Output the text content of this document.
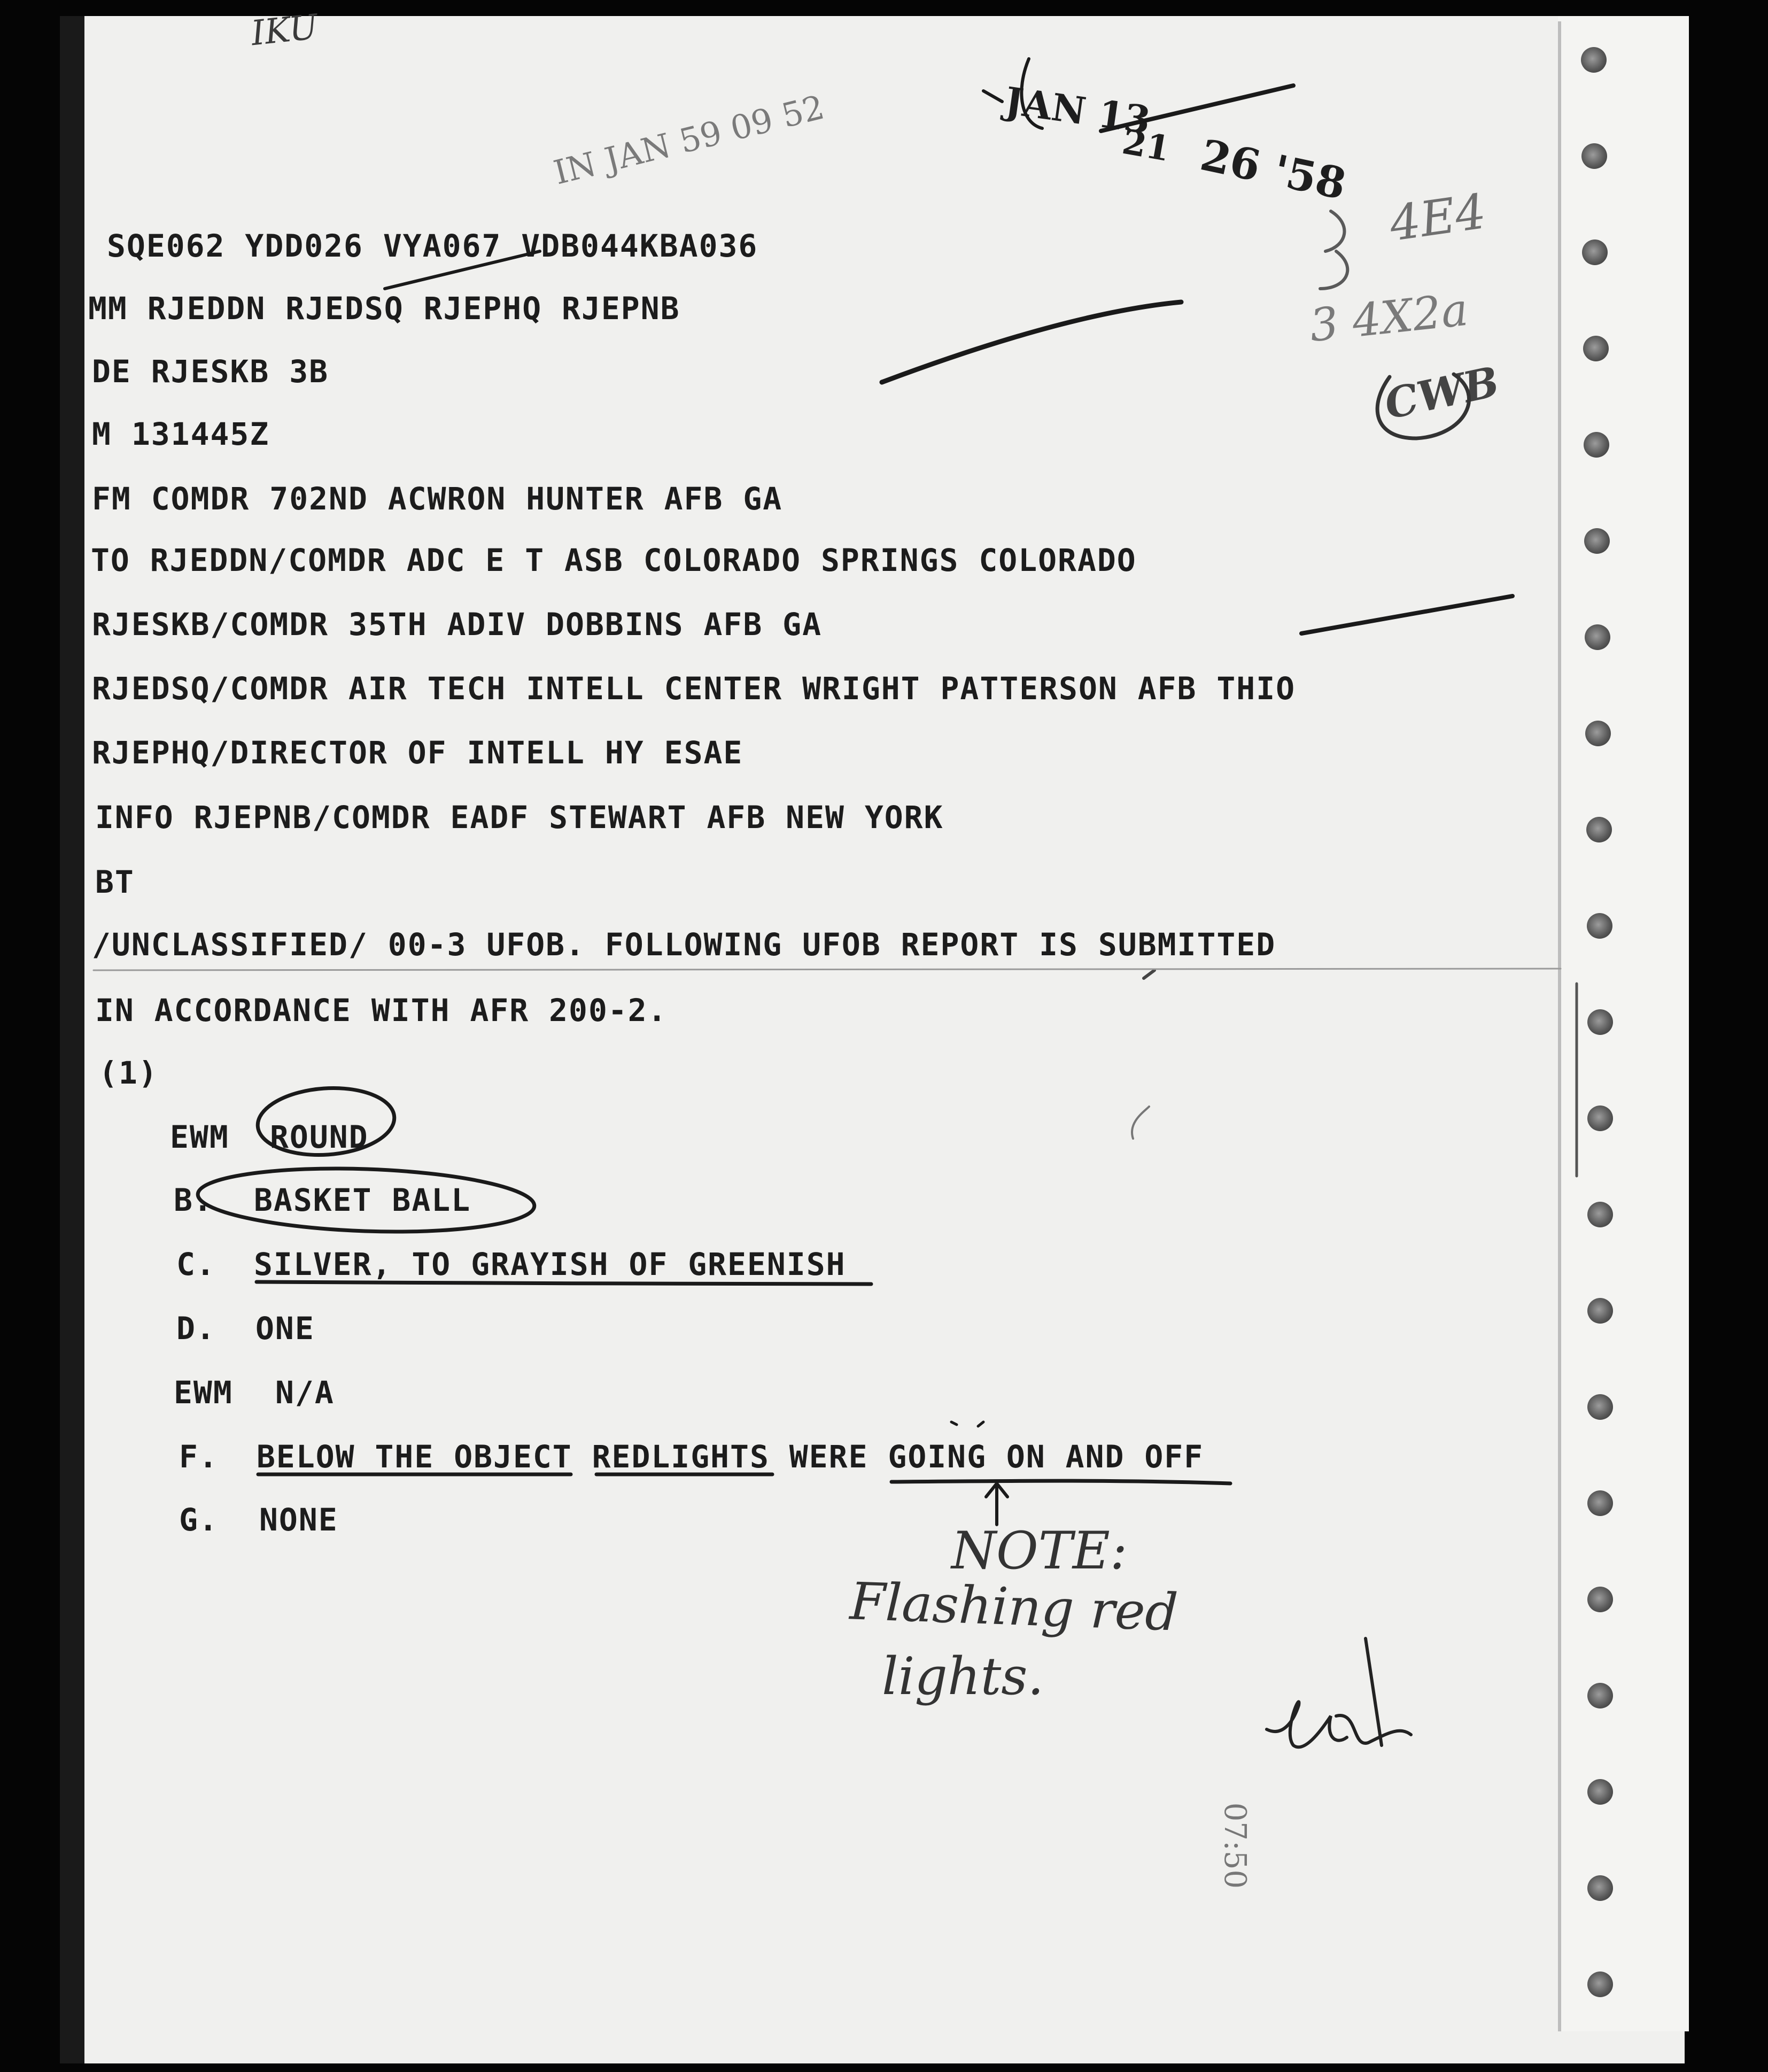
IKU
IN JAN 59 09 52	JAN 13
21 26 '58
4E4
3 4X2a
CWB
07:50
SQE062 YDD026 VYA067 VDB044KBA036
MM RJEDDN RJEDSQ RJEPHQ RJEPNB
DE RJESKB 3B
M 131445Z
FM COMDR 702ND ACWRON HUNTER AFB GA
TO RJEDDN/COMDR ADC E T ASB COLORADO SPRINGS COLORADO
RJESKB/COMDR 35TH ADIV DOBBINS AFB GA
RJEDSQ/COMDR AIR TECH INTELL CENTER WRIGHT PATTERSON AFB THIO
RJEPHQ/DIRECTOR OF INTELL HY ESAE
INFO RJEPNB/COMDR EADF STEWART AFB NEW YORK
BT
/UNCLASSIFIED/ 00-3 UFOB. FOLLOWING UFOB REPORT IS SUBMITTED
IN ACCORDANCE WITH AFR 200-2.
(1)
EWM ROUND
B. BASKET BALL
C. SILVER, TO GRAYISH OF GREENISH
D. ONE
EWM N/A
F. BELOW THE OBJECT REDLIGHTS WERE GOING ON AND OFF
G. NONE
NOTE:
Flashing red
lights.
